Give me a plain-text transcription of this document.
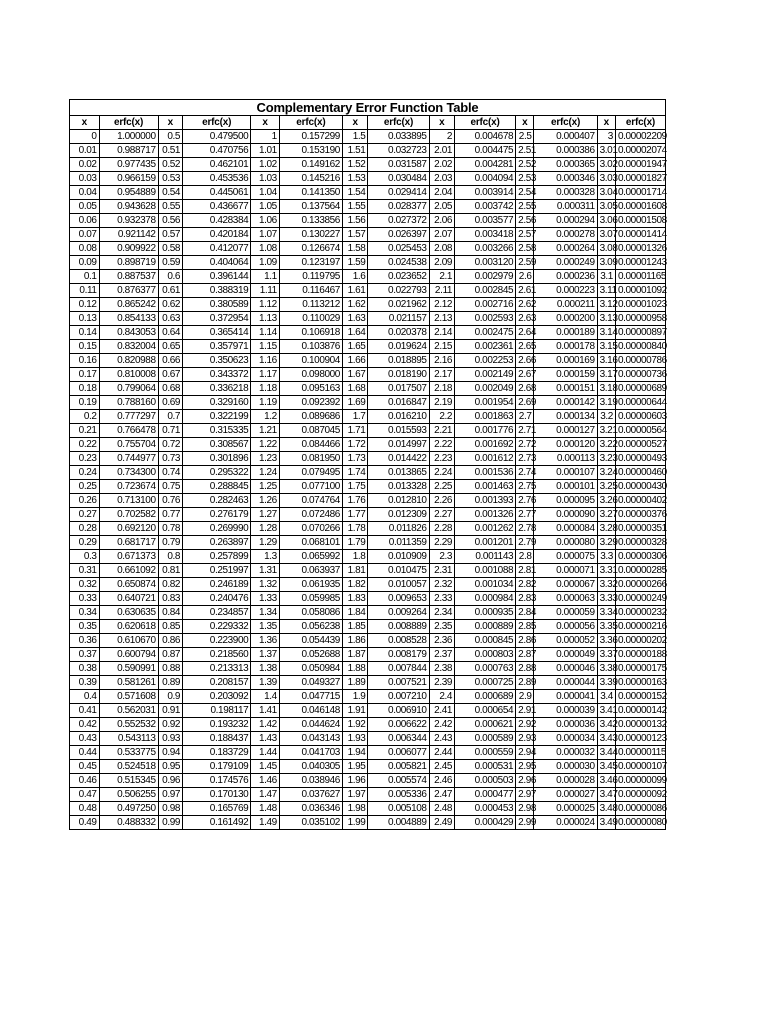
Complementary Error Function Table
x	erfc(x)	x	erfc(x)	x	erfc(x)	x	erfc(x)	x	erfc(x)	x	erfc(x)	x	erfc(x)
0	1.000000	0.5	0.479500	1	0.157299	1.5	0.033895	2	0.004678	2.5	0.000407	3	0.00002209
0.01	0.988717	0.51	0.470756	1.01	0.153190	1.51	0.032723	2.01	0.004475	2.51	0.000386	3.01	0.00002074
0.02	0.977435	0.52	0.462101	1.02	0.149162	1.52	0.031587	2.02	0.004281	2.52	0.000365	3.02	0.00001947
0.03	0.966159	0.53	0.453536	1.03	0.145216	1.53	0.030484	2.03	0.004094	2.53	0.000346	3.03	0.00001827
0.04	0.954889	0.54	0.445061	1.04	0.141350	1.54	0.029414	2.04	0.003914	2.54	0.000328	3.04	0.00001714
0.05	0.943628	0.55	0.436677	1.05	0.137564	1.55	0.028377	2.05	0.003742	2.55	0.000311	3.05	0.00001608
0.06	0.932378	0.56	0.428384	1.06	0.133856	1.56	0.027372	2.06	0.003577	2.56	0.000294	3.06	0.00001508
0.07	0.921142	0.57	0.420184	1.07	0.130227	1.57	0.026397	2.07	0.003418	2.57	0.000278	3.07	0.00001414
0.08	0.909922	0.58	0.412077	1.08	0.126674	1.58	0.025453	2.08	0.003266	2.58	0.000264	3.08	0.00001326
0.09	0.898719	0.59	0.404064	1.09	0.123197	1.59	0.024538	2.09	0.003120	2.59	0.000249	3.09	0.00001243
0.1	0.887537	0.6	0.396144	1.1	0.119795	1.6	0.023652	2.1	0.002979	2.6	0.000236	3.1	0.00001165
0.11	0.876377	0.61	0.388319	1.11	0.116467	1.61	0.022793	2.11	0.002845	2.61	0.000223	3.11	0.00001092
0.12	0.865242	0.62	0.380589	1.12	0.113212	1.62	0.021962	2.12	0.002716	2.62	0.000211	3.12	0.00001023
0.13	0.854133	0.63	0.372954	1.13	0.110029	1.63	0.021157	2.13	0.002593	2.63	0.000200	3.13	0.00000958
0.14	0.843053	0.64	0.365414	1.14	0.106918	1.64	0.020378	2.14	0.002475	2.64	0.000189	3.14	0.00000897
0.15	0.832004	0.65	0.357971	1.15	0.103876	1.65	0.019624	2.15	0.002361	2.65	0.000178	3.15	0.00000840
0.16	0.820988	0.66	0.350623	1.16	0.100904	1.66	0.018895	2.16	0.002253	2.66	0.000169	3.16	0.00000786
0.17	0.810008	0.67	0.343372	1.17	0.098000	1.67	0.018190	2.17	0.002149	2.67	0.000159	3.17	0.00000736
0.18	0.799064	0.68	0.336218	1.18	0.095163	1.68	0.017507	2.18	0.002049	2.68	0.000151	3.18	0.00000689
0.19	0.788160	0.69	0.329160	1.19	0.092392	1.69	0.016847	2.19	0.001954	2.69	0.000142	3.19	0.00000644
0.2	0.777297	0.7	0.322199	1.2	0.089686	1.7	0.016210	2.2	0.001863	2.7	0.000134	3.2	0.00000603
0.21	0.766478	0.71	0.315335	1.21	0.087045	1.71	0.015593	2.21	0.001776	2.71	0.000127	3.21	0.00000564
0.22	0.755704	0.72	0.308567	1.22	0.084466	1.72	0.014997	2.22	0.001692	2.72	0.000120	3.22	0.00000527
0.23	0.744977	0.73	0.301896	1.23	0.081950	1.73	0.014422	2.23	0.001612	2.73	0.000113	3.23	0.00000493
0.24	0.734300	0.74	0.295322	1.24	0.079495	1.74	0.013865	2.24	0.001536	2.74	0.000107	3.24	0.00000460
0.25	0.723674	0.75	0.288845	1.25	0.077100	1.75	0.013328	2.25	0.001463	2.75	0.000101	3.25	0.00000430
0.26	0.713100	0.76	0.282463	1.26	0.074764	1.76	0.012810	2.26	0.001393	2.76	0.000095	3.26	0.00000402
0.27	0.702582	0.77	0.276179	1.27	0.072486	1.77	0.012309	2.27	0.001326	2.77	0.000090	3.27	0.00000376
0.28	0.692120	0.78	0.269990	1.28	0.070266	1.78	0.011826	2.28	0.001262	2.78	0.000084	3.28	0.00000351
0.29	0.681717	0.79	0.263897	1.29	0.068101	1.79	0.011359	2.29	0.001201	2.79	0.000080	3.29	0.00000328
0.3	0.671373	0.8	0.257899	1.3	0.065992	1.8	0.010909	2.3	0.001143	2.8	0.000075	3.3	0.00000306
0.31	0.661092	0.81	0.251997	1.31	0.063937	1.81	0.010475	2.31	0.001088	2.81	0.000071	3.31	0.00000285
0.32	0.650874	0.82	0.246189	1.32	0.061935	1.82	0.010057	2.32	0.001034	2.82	0.000067	3.32	0.00000266
0.33	0.640721	0.83	0.240476	1.33	0.059985	1.83	0.009653	2.33	0.000984	2.83	0.000063	3.33	0.00000249
0.34	0.630635	0.84	0.234857	1.34	0.058086	1.84	0.009264	2.34	0.000935	2.84	0.000059	3.34	0.00000232
0.35	0.620618	0.85	0.229332	1.35	0.056238	1.85	0.008889	2.35	0.000889	2.85	0.000056	3.35	0.00000216
0.36	0.610670	0.86	0.223900	1.36	0.054439	1.86	0.008528	2.36	0.000845	2.86	0.000052	3.36	0.00000202
0.37	0.600794	0.87	0.218560	1.37	0.052688	1.87	0.008179	2.37	0.000803	2.87	0.000049	3.37	0.00000188
0.38	0.590991	0.88	0.213313	1.38	0.050984	1.88	0.007844	2.38	0.000763	2.88	0.000046	3.38	0.00000175
0.39	0.581261	0.89	0.208157	1.39	0.049327	1.89	0.007521	2.39	0.000725	2.89	0.000044	3.39	0.00000163
0.4	0.571608	0.9	0.203092	1.4	0.047715	1.9	0.007210	2.4	0.000689	2.9	0.000041	3.4	0.00000152
0.41	0.562031	0.91	0.198117	1.41	0.046148	1.91	0.006910	2.41	0.000654	2.91	0.000039	3.41	0.00000142
0.42	0.552532	0.92	0.193232	1.42	0.044624	1.92	0.006622	2.42	0.000621	2.92	0.000036	3.42	0.00000132
0.43	0.543113	0.93	0.188437	1.43	0.043143	1.93	0.006344	2.43	0.000589	2.93	0.000034	3.43	0.00000123
0.44	0.533775	0.94	0.183729	1.44	0.041703	1.94	0.006077	2.44	0.000559	2.94	0.000032	3.44	0.00000115
0.45	0.524518	0.95	0.179109	1.45	0.040305	1.95	0.005821	2.45	0.000531	2.95	0.000030	3.45	0.00000107
0.46	0.515345	0.96	0.174576	1.46	0.038946	1.96	0.005574	2.46	0.000503	2.96	0.000028	3.46	0.00000099
0.47	0.506255	0.97	0.170130	1.47	0.037627	1.97	0.005336	2.47	0.000477	2.97	0.000027	3.47	0.00000092
0.48	0.497250	0.98	0.165769	1.48	0.036346	1.98	0.005108	2.48	0.000453	2.98	0.000025	3.48	0.00000086
0.49	0.488332	0.99	0.161492	1.49	0.035102	1.99	0.004889	2.49	0.000429	2.99	0.000024	3.49	0.00000080
